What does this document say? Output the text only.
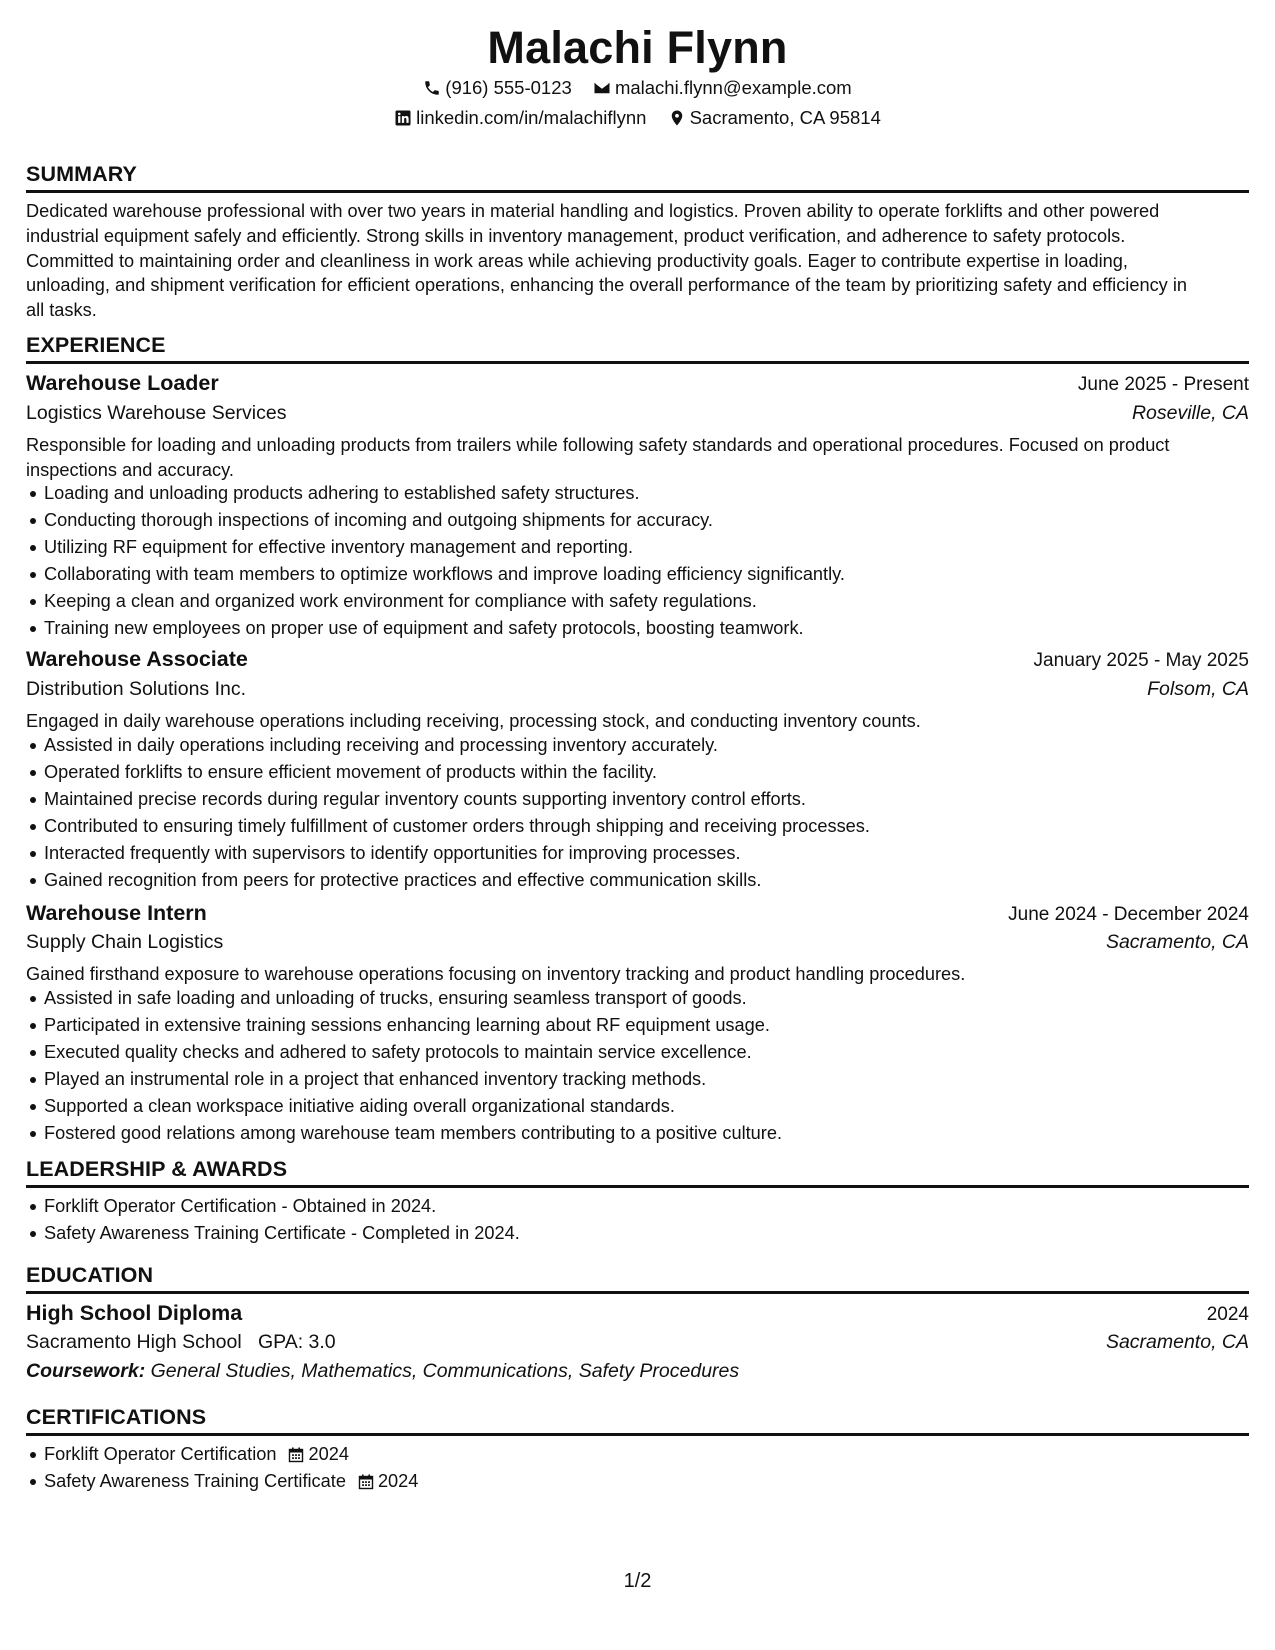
Malachi Flynn
(916) 555-0123
malachi.flynn@example.com
linkedin.com/in/malachiflynn
Sacramento, CA 95814
SUMMARY
Dedicated warehouse professional with over two years in material handling and logistics. Proven ability to operate forklifts and other powered
industrial equipment safely and efficiently. Strong skills in inventory management, product verification, and adherence to safety protocols.
Committed to maintaining order and cleanliness in work areas while achieving productivity goals. Eager to contribute expertise in loading,
unloading, and shipment verification for efficient operations, enhancing the overall performance of the team by prioritizing safety and efficiency in
all tasks.
EXPERIENCE
Warehouse Loader	June 2025 - Present
Logistics Warehouse Services	Roseville, CA
Responsible for loading and unloading products from trailers while following safety standards and operational procedures. Focused on product
inspections and accuracy.
Loading and unloading products adhering to established safety structures.
Conducting thorough inspections of incoming and outgoing shipments for accuracy.
Utilizing RF equipment for effective inventory management and reporting.
Collaborating with team members to optimize workflows and improve loading efficiency significantly.
Keeping a clean and organized work environment for compliance with safety regulations.
Training new employees on proper use of equipment and safety protocols, boosting teamwork.
Warehouse Associate	January 2025 - May 2025
Distribution Solutions Inc.	Folsom, CA
Engaged in daily warehouse operations including receiving, processing stock, and conducting inventory counts.
Assisted in daily operations including receiving and processing inventory accurately.
Operated forklifts to ensure efficient movement of products within the facility.
Maintained precise records during regular inventory counts supporting inventory control efforts.
Contributed to ensuring timely fulfillment of customer orders through shipping and receiving processes.
Interacted frequently with supervisors to identify opportunities for improving processes.
Gained recognition from peers for protective practices and effective communication skills.
Warehouse Intern	June 2024 - December 2024
Supply Chain Logistics	Sacramento, CA
Gained firsthand exposure to warehouse operations focusing on inventory tracking and product handling procedures.
Assisted in safe loading and unloading of trucks, ensuring seamless transport of goods.
Participated in extensive training sessions enhancing learning about RF equipment usage.
Executed quality checks and adhered to safety protocols to maintain service excellence.
Played an instrumental role in a project that enhanced inventory tracking methods.
Supported a clean workspace initiative aiding overall organizational standards.
Fostered good relations among warehouse team members contributing to a positive culture.
LEADERSHIP & AWARDS
Forklift Operator Certification - Obtained in 2024.
Safety Awareness Training Certificate - Completed in 2024.
EDUCATION
High School Diploma	2024
Sacramento High School GPA: 3.0	Sacramento, CA
Coursework: General Studies, Mathematics, Communications, Safety Procedures
CERTIFICATIONS
Forklift Operator Certification 2024
Safety Awareness Training Certificate 2024
1/2
